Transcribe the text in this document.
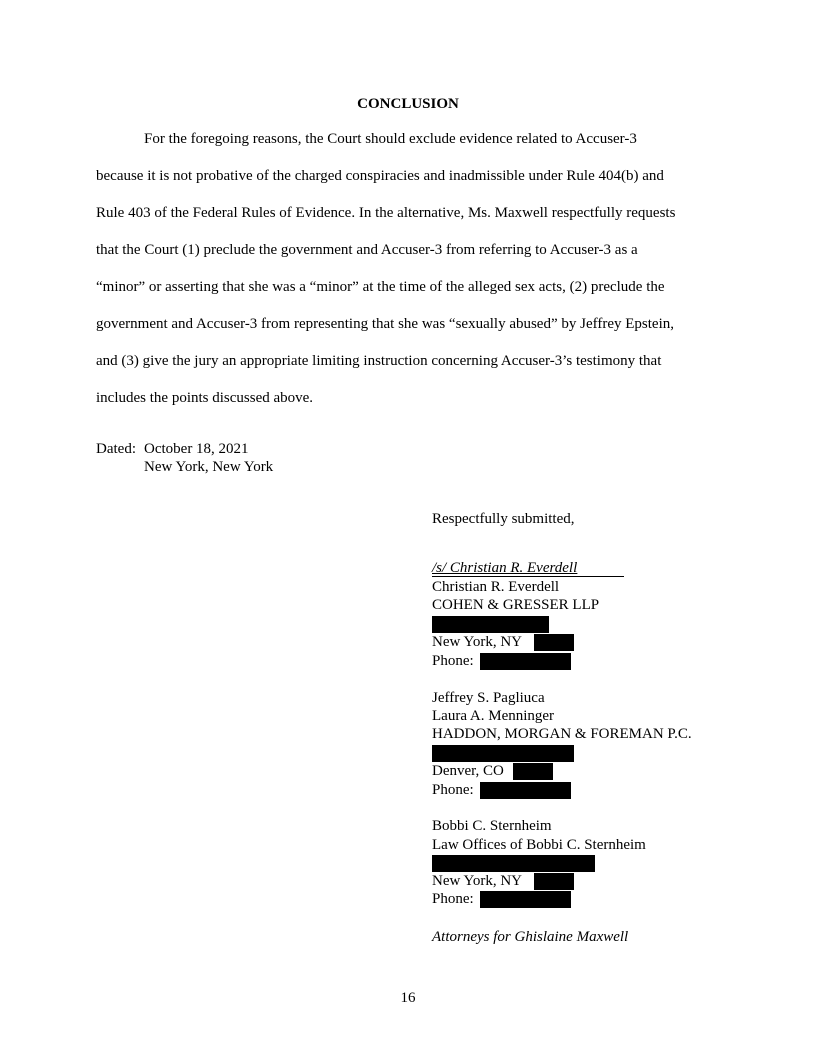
CONCLUSION
For the foregoing reasons, the Court should exclude evidence related to Accuser-3
because it is not probative of the charged conspiracies and inadmissible under Rule 404(b) and
Rule 403 of the Federal Rules of Evidence. In the alternative, Ms. Maxwell respectfully requests
that the Court (1) preclude the government and Accuser-3 from referring to Accuser-3 as a
“minor” or asserting that she was a “minor” at the time of the alleged sex acts, (2) preclude the
government and Accuser-3 from representing that she was “sexually abused” by Jeffrey Epstein,
and (3) give the jury an appropriate limiting instruction concerning Accuser-3’s testimony that
includes the points discussed above.
Dated: October 18, 2021
New York, New York
Respectfully submitted,
/s/ Christian R. Everdell
Christian R. Everdell
COHEN & GRESSER LLP
New York, NY
Phone:
Jeffrey S. Pagliuca
Laura A. Menninger
HADDON, MORGAN & FOREMAN P.C.
Denver, CO
Phone:
Bobbi C. Sternheim
Law Offices of Bobbi C. Sternheim
New York, NY
Phone:
Attorneys for Ghislaine Maxwell
16
